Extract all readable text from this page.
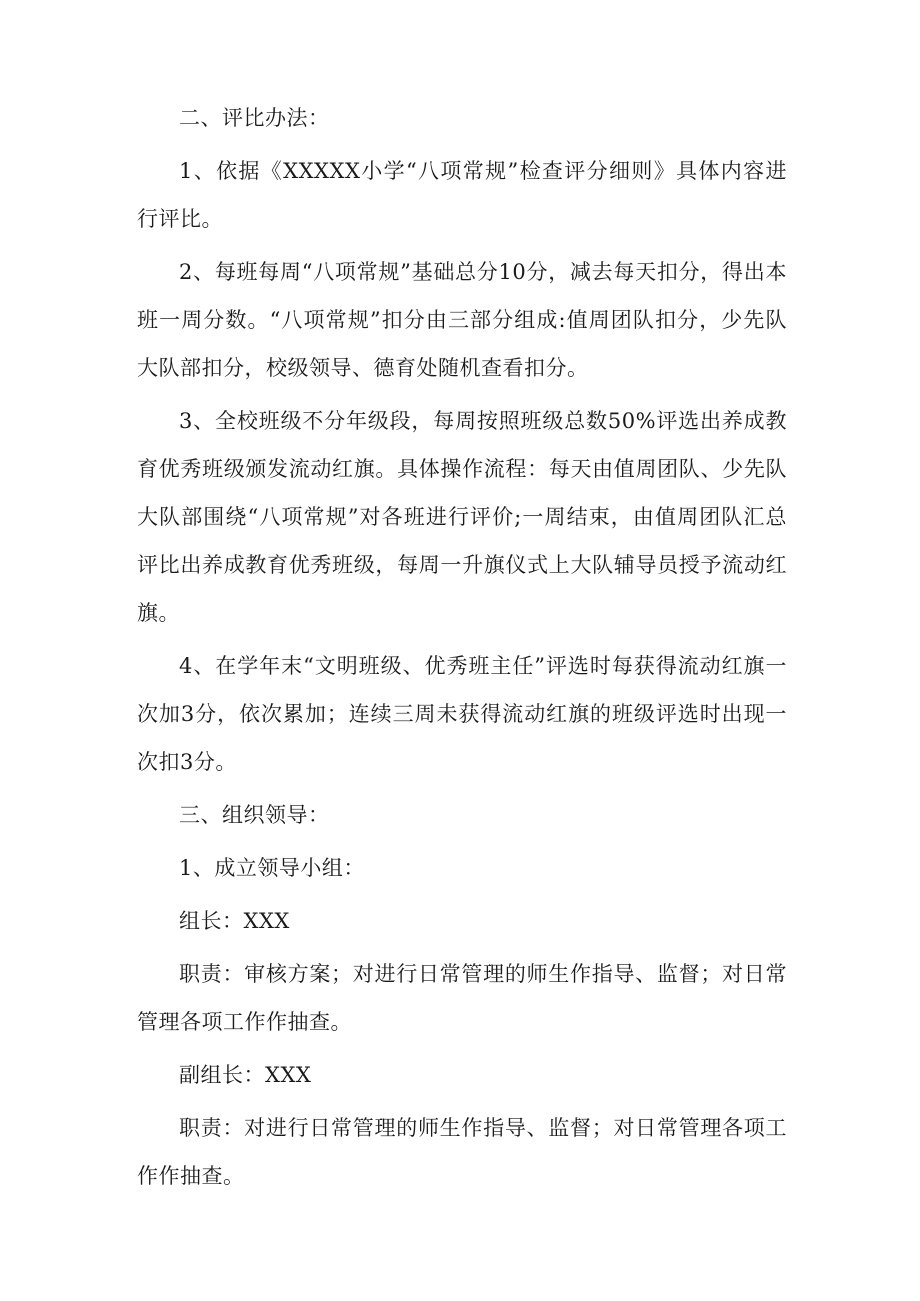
二、评比办法：

1、依据《XXXXX小学“八项常规”检查评分细则》具体内容进行评比。

2、每班每周“八项常规”基础总分10分，减去每天扣分，得出本班一周分数。“八项常规”扣分由三部分组成:值周团队扣分，少先队大队部扣分，校级领导、德育处随机查看扣分。

3、全校班级不分年级段，每周按照班级总数50%评选出养成教育优秀班级颁发流动红旗。具体操作流程：每天由值周团队、少先队大队部围绕“八项常规”对各班进行评价;一周结束，由值周团队汇总评比出养成教育优秀班级，每周一升旗仪式上大队辅导员授予流动红旗。

4、在学年末“文明班级、优秀班主任”评选时每获得流动红旗一次加3分，依次累加；连续三周未获得流动红旗的班级评选时出现一次扣3分。

三、组织领导：

1、成立领导小组：

组长：XXX

职责：审核方案；对进行日常管理的师生作指导、监督；对日常管理各项工作作抽查。

副组长：XXX

职责：对进行日常管理的师生作指导、监督；对日常管理各项工作作抽查。
